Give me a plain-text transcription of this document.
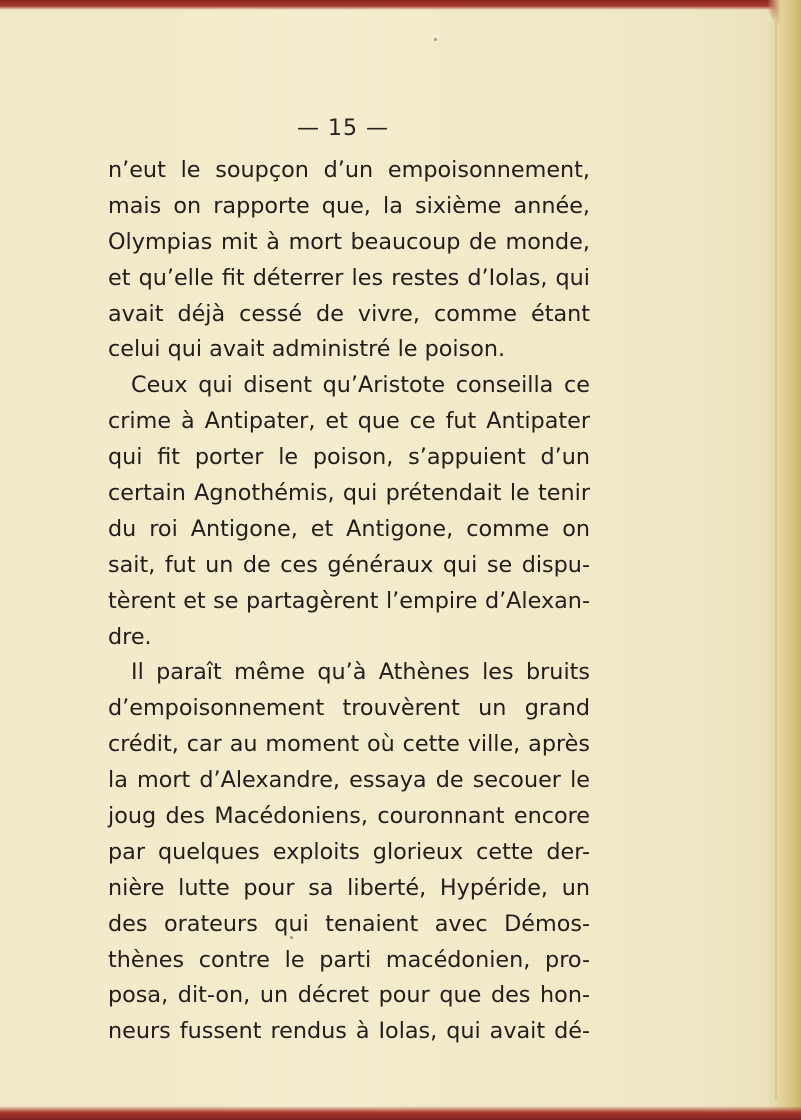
— 15 —
n’eut le soupçon d’un empoisonnement,
mais on rapporte que, la sixième année,
Olympias mit à mort beaucoup de monde,
et qu’elle fit déterrer les restes d’Iolas, qui
avait déjà cessé de vivre, comme étant
celui qui avait administré le poison.
Ceux qui disent qu’Aristote conseilla ce
crime à Antipater, et que ce fut Antipater
qui fit porter le poison, s’appuient d’un
certain Agnothémis, qui prétendait le tenir
du roi Antigone, et Antigone, comme on
sait, fut un de ces généraux qui se dispu-
tèrent et se partagèrent l’empire d’Alexan-
dre.
Il paraît même qu’à Athènes les bruits
d’empoisonnement trouvèrent un grand
crédit, car au moment où cette ville, après
la mort d’Alexandre, essaya de secouer le
joug des Macédoniens, couronnant encore
par quelques exploits glorieux cette der-
nière lutte pour sa liberté, Hypéride, un
des orateurs qui tenaient avec Démos-
thènes contre le parti macédonien, pro-
posa, dit-on, un décret pour que des hon-
neurs fussent rendus à Iolas, qui avait dé-
